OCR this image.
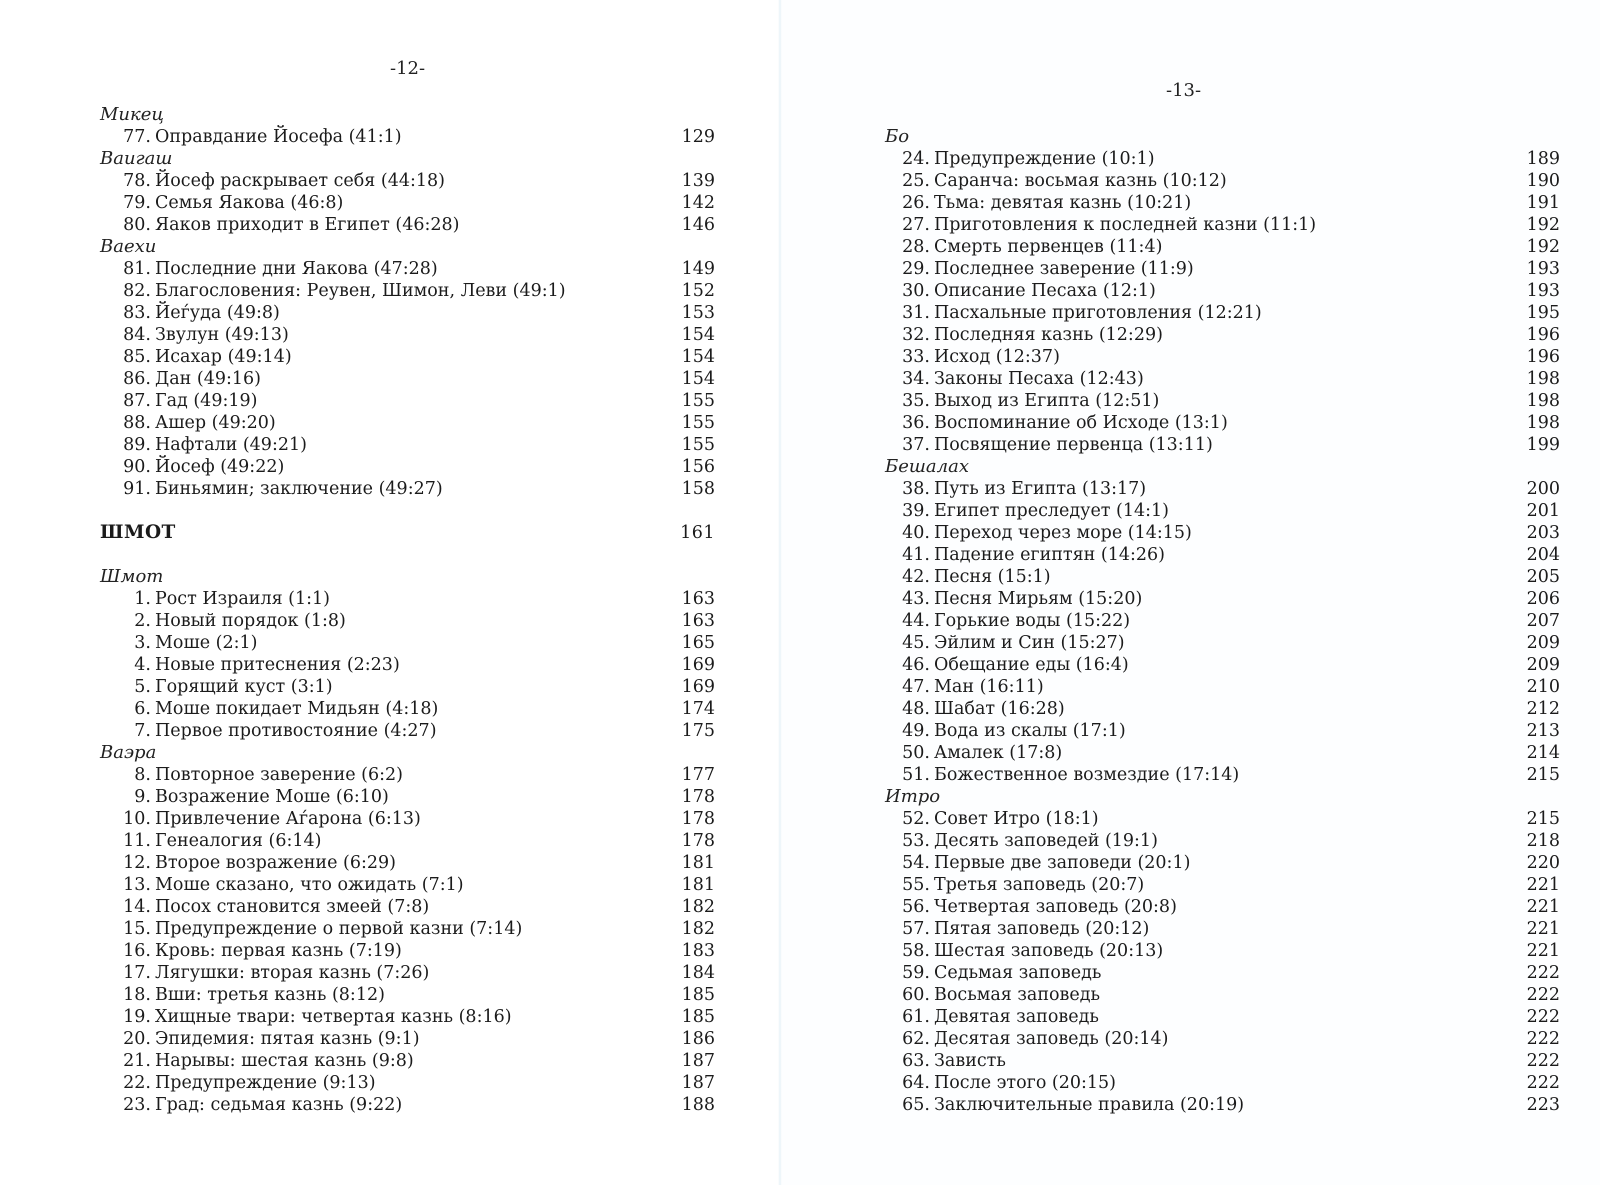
-12-
Микец
77. Оправдание Йосефа (41:1)	129
Ваигаш
78. Йосеф раскрывает себя (44:18)	139
79. Семья Яакова (46:8)	142
80. Яаков приходит в Египет (46:28)	146
Ваехи
81. Последние дни Яакова (47:28)	149
82. Благословения: Реувен, Шимон, Леви (49:1)	152
83. Йеѓуда (49:8)	153
84. Звулун (49:13)	154
85. Исахар (49:14)	154
86. Дан (49:16)	154
87. Гад (49:19)	155
88. Ашер (49:20)	155
89. Нафтали (49:21)	155
90. Йосеф (49:22)	156
91. Биньямин; заключение (49:27)	158
ШМОТ	161
Шмот
1. Рост Израиля (1:1)	163
2. Новый порядок (1:8)	163
3. Моше (2:1)	165
4. Новые притеснения (2:23)	169
5. Горящий куст (3:1)	169
6. Моше покидает Мидьян (4:18)	174
7. Первое противостояние (4:27)	175
Ваэра
8. Повторное заверение (6:2)	177
9. Возражение Моше (6:10)	178
10. Привлечение Аѓарона (6:13)	178
11. Генеалогия (6:14)	178
12. Второе возражение (6:29)	181
13. Моше сказано, что ожидать (7:1)	181
14. Посох становится змеей (7:8)	182
15. Предупреждение о первой казни (7:14)	182
16. Кровь: первая казнь (7:19)	183
17. Лягушки: вторая казнь (7:26)	184
18. Вши: третья казнь (8:12)	185
19. Хищные твари: четвертая казнь (8:16)	185
20. Эпидемия: пятая казнь (9:1)	186
21. Нарывы: шестая казнь (9:8)	187
22. Предупреждение (9:13)	187
23. Град: седьмая казнь (9:22)	188
-13-
Бо
24. Предупреждение (10:1)	189
25. Саранча: восьмая казнь (10:12)	190
26. Тьма: девятая казнь (10:21)	191
27. Приготовления к последней казни (11:1)	192
28. Смерть первенцев (11:4)	192
29. Последнее заверение (11:9)	193
30. Описание Песаха (12:1)	193
31. Пасхальные приготовления (12:21)	195
32. Последняя казнь (12:29)	196
33. Исход (12:37)	196
34. Законы Песаха (12:43)	198
35. Выход из Египта (12:51)	198
36. Воспоминание об Исходе (13:1)	198
37. Посвящение первенца (13:11)	199
Бешалах
38. Путь из Египта (13:17)	200
39. Египет преследует (14:1)	201
40. Переход через море (14:15)	203
41. Падение египтян (14:26)	204
42. Песня (15:1)	205
43. Песня Мирьям (15:20)	206
44. Горькие воды (15:22)	207
45. Эйлим и Син (15:27)	209
46. Обещание еды (16:4)	209
47. Ман (16:11)	210
48. Шабат (16:28)	212
49. Вода из скалы (17:1)	213
50. Амалек (17:8)	214
51. Божественное возмездие (17:14)	215
Итро
52. Совет Итро (18:1)	215
53. Десять заповедей (19:1)	218
54. Первые две заповеди (20:1)	220
55. Третья заповедь (20:7)	221
56. Четвертая заповедь (20:8)	221
57. Пятая заповедь (20:12)	221
58. Шестая заповедь (20:13)	221
59. Седьмая заповедь	222
60. Восьмая заповедь	222
61. Девятая заповедь	222
62. Десятая заповедь (20:14)	222
63. Зависть	222
64. После этого (20:15)	222
65. Заключительные правила (20:19)	223
